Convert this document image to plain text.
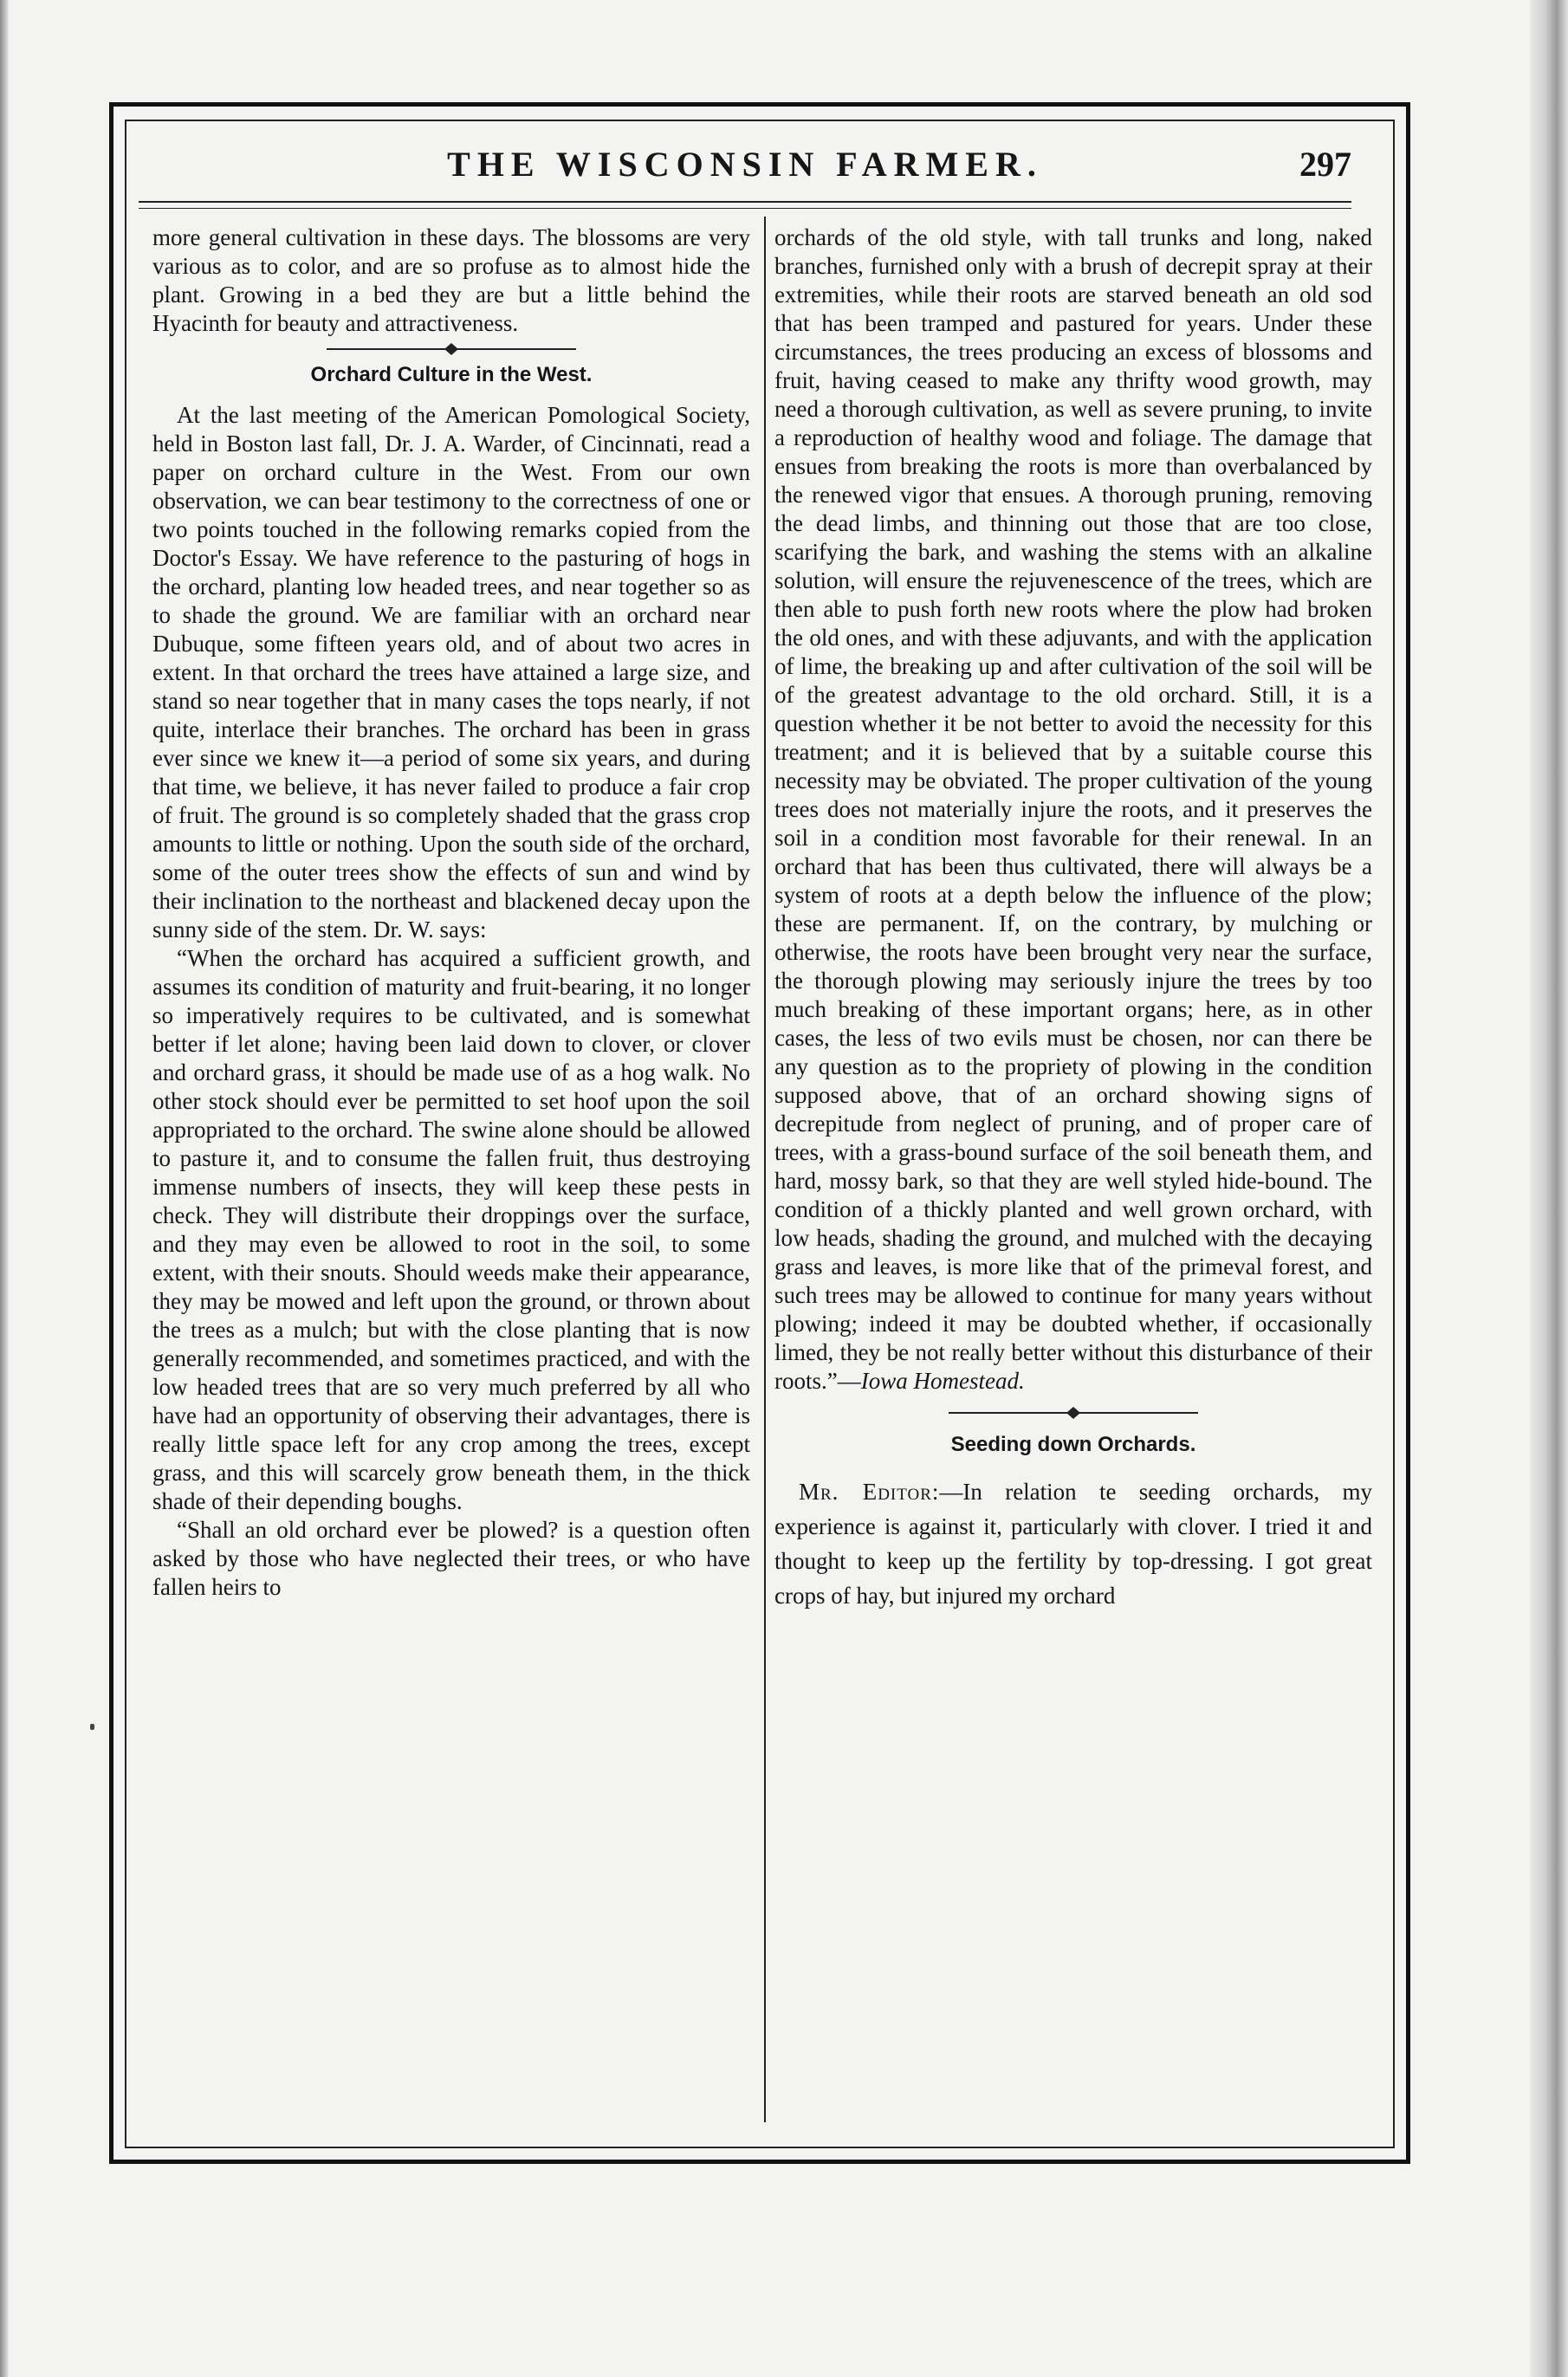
THE WISCONSIN FARMER.	297

more general cultivation in these days. The blossoms are very various as to color, and are so profuse as to almost hide the plant. Growing in a bed they are but a little behind the Hyacinth for beauty and attractiveness.

Orchard Culture in the West.

At the last meeting of the American Pomological Society, held in Boston last fall, Dr. J. A. Warder, of Cincinnati, read a paper on orchard culture in the West. From our own observation, we can bear testimony to the correctness of one or two points touched in the following remarks copied from the Doctor's Essay. We have reference to the pasturing of hogs in the orchard, planting low headed trees, and near together so as to shade the ground. We are familiar with an orchard near Dubuque, some fifteen years old, and of about two acres in extent. In that orchard the trees have attained a large size, and stand so near together that in many cases the tops nearly, if not quite, interlace their branches. The orchard has been in grass ever since we knew it—a period of some six years, and during that time, we believe, it has never failed to produce a fair crop of fruit. The ground is so completely shaded that the grass crop amounts to little or nothing. Upon the south side of the orchard, some of the outer trees show the effects of sun and wind by their inclination to the northeast and blackened decay upon the sunny side of the stem. Dr. W. says:

“When the orchard has acquired a sufficient growth, and assumes its condition of maturity and fruit-bearing, it no longer so imperatively requires to be cultivated, and is somewhat better if let alone; having been laid down to clover, or clover and orchard grass, it should be made use of as a hog walk. No other stock should ever be permitted to set hoof upon the soil appropriated to the orchard. The swine alone should be allowed to pasture it, and to consume the fallen fruit, thus destroying immense numbers of insects, they will keep these pests in check. They will distribute their droppings over the surface, and they may even be allowed to root in the soil, to some extent, with their snouts. Should weeds make their appearance, they may be mowed and left upon the ground, or thrown about the trees as a mulch; but with the close planting that is now generally recommended, and sometimes practiced, and with the low headed trees that are so very much preferred by all who have had an opportunity of observing their advantages, there is really little space left for any crop among the trees, except grass, and this will scarcely grow beneath them, in the thick shade of their depending boughs.

“Shall an old orchard ever be plowed? is a question often asked by those who have neglected their trees, or who have fallen heirs to

orchards of the old style, with tall trunks and long, naked branches, furnished only with a brush of decrepit spray at their extremities, while their roots are starved beneath an old sod that has been tramped and pastured for years. Under these circumstances, the trees producing an excess of blossoms and fruit, having ceased to make any thrifty wood growth, may need a thorough cultivation, as well as severe pruning, to invite a reproduction of healthy wood and foliage. The damage that ensues from breaking the roots is more than overbalanced by the renewed vigor that ensues. A thorough pruning, removing the dead limbs, and thinning out those that are too close, scarifying the bark, and washing the stems with an alkaline solution, will ensure the rejuvenescence of the trees, which are then able to push forth new roots where the plow had broken the old ones, and with these adjuvants, and with the application of lime, the breaking up and after cultivation of the soil will be of the greatest advantage to the old orchard. Still, it is a question whether it be not better to avoid the necessity for this treatment; and it is believed that by a suitable course this necessity may be obviated. The proper cultivation of the young trees does not materially injure the roots, and it preserves the soil in a condition most favorable for their renewal. In an orchard that has been thus cultivated, there will always be a system of roots at a depth below the influence of the plow; these are permanent. If, on the contrary, by mulching or otherwise, the roots have been brought very near the surface, the thorough plowing may seriously injure the trees by too much breaking of these important organs; here, as in other cases, the less of two evils must be chosen, nor can there be any question as to the propriety of plowing in the condition supposed above, that of an orchard showing signs of decrepitude from neglect of pruning, and of proper care of trees, with a grass-bound surface of the soil beneath them, and hard, mossy bark, so that they are well styled hide-bound. The condition of a thickly planted and well grown orchard, with low heads, shading the ground, and mulched with the decaying grass and leaves, is more like that of the primeval forest, and such trees may be allowed to continue for many years without plowing; indeed it may be doubted whether, if occasionally limed, they be not really better without this disturbance of their roots.”—Iowa Homestead.

Seeding down Orchards.

Mr. Editor:—In relation te seeding orchards, my experience is against it, particularly with clover. I tried it and thought to keep up the fertility by top-dressing. I got great crops of hay, but injured my orchard
